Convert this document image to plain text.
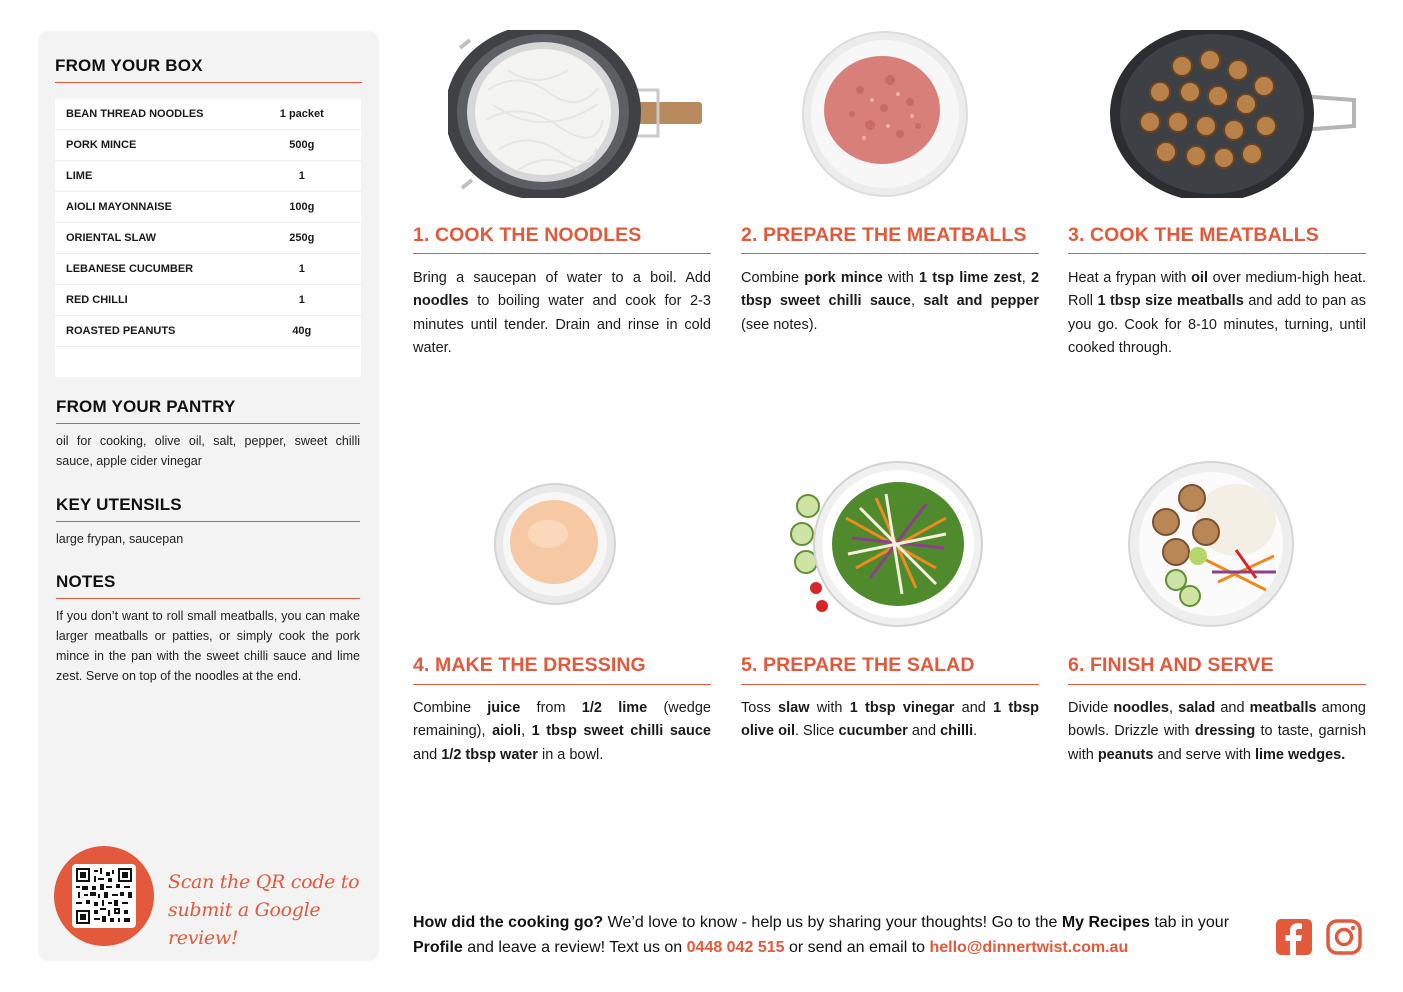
FROM YOUR BOX
BEAN THREAD NOODLES	1 packet
PORK MINCE	500g
LIME	1
AIOLI MAYONNAISE	100g
ORIENTAL SLAW	250g
LEBANESE CUCUMBER	1
RED CHILLI	1
ROASTED PEANUTS	40g
FROM YOUR PANTRY
oil for cooking, olive oil, salt, pepper, sweet chilli sauce, apple cider vinegar
KEY UTENSILS
large frypan, saucepan
NOTES
If you don’t want to roll small meatballs, you can make larger meatballs or patties, or simply cook the pork mince in the pan with the sweet chilli sauce and lime zest. Serve on top of the noodles at the end.
Scan the QR code to
submit a Google review!
1. COOK THE NOODLES
Bring a saucepan of water to a boil. Add noodles to boiling water and cook for 2-3 minutes until tender. Drain and rinse in cold water.
2. PREPARE THE MEATBALLS
Combine pork mince with 1 tsp lime zest, 2 tbsp sweet chilli sauce, salt and pepper (see notes).
3. COOK THE MEATBALLS
Heat a frypan with oil over medium-high heat. Roll 1 tbsp size meatballs and add to pan as you go. Cook for 8-10 minutes, turning, until cooked through.
4. MAKE THE DRESSING
Combine juice from 1/2 lime (wedge remaining), aioli, 1 tbsp sweet chilli sauce and 1/2 tbsp water in a bowl.
5. PREPARE THE SALAD
Toss slaw with 1 tbsp vinegar and 1 tbsp olive oil. Slice cucumber and chilli.
6. FINISH AND SERVE
Divide noodles, salad and meatballs among bowls. Drizzle with dressing to taste, garnish with peanuts and serve with lime wedges.
How did the cooking go? We’d love to know - help us by sharing your thoughts! Go to the My Recipes tab in your Profile and leave a review! Text us on 0448 042 515 or send an email to hello@dinnertwist.com.au
